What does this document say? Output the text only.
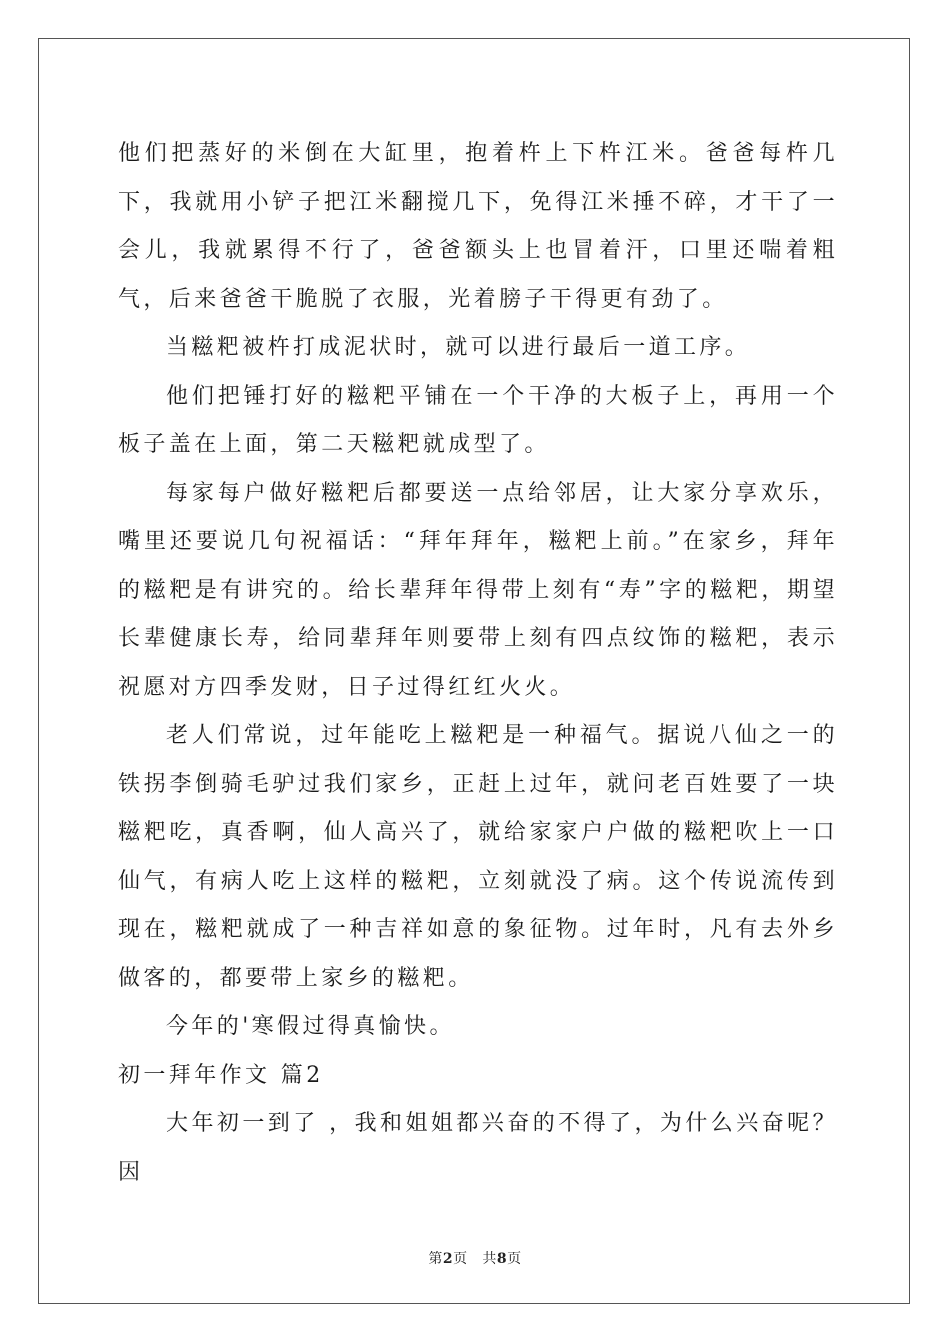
他们把蒸好的米倒在大缸里，抱着杵上下杵江米。爸爸每杵几下，我就用小铲子把江米翻搅几下，免得江米捶不碎，才干了一会儿，我就累得不行了，爸爸额头上也冒着汗，口里还喘着粗气，后来爸爸干脆脱了衣服，光着膀子干得更有劲了。

当糍粑被杵打成泥状时，就可以进行最后一道工序。

他们把锤打好的糍粑平铺在一个干净的大板子上，再用一个板子盖在上面，第二天糍粑就成型了。

每家每户做好糍粑后都要送一点给邻居，让大家分享欢乐，嘴里还要说几句祝福话：“拜年拜年，糍粑上前。”在家乡，拜年的糍粑是有讲究的。给长辈拜年得带上刻有“寿”字的糍粑，期望长辈健康长寿，给同辈拜年则要带上刻有四点纹饰的糍粑，表示祝愿对方四季发财，日子过得红红火火。

老人们常说，过年能吃上糍粑是一种福气。据说八仙之一的铁拐李倒骑毛驴过我们家乡，正赶上过年，就问老百姓要了一块糍粑吃，真香啊，仙人高兴了，就给家家户户做的糍粑吹上一口仙气，有病人吃上这样的糍粑，立刻就没了病。这个传说流传到现在，糍粑就成了一种吉祥如意的象征物。过年时，凡有去外乡做客的，都要带上家乡的糍粑。

今年的'寒假过得真愉快。

初一拜年作文 篇2

大年初一到了 ，我和姐姐都兴奋的不得了，为什么兴奋呢？因

第2页 共8页
